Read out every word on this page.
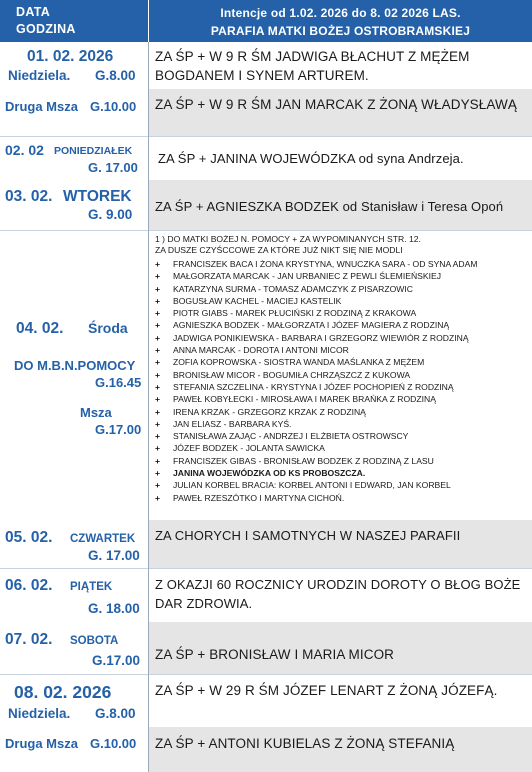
DATA
GODZINA
Intencje od 1.02. 2026 do 8. 02 2026 LAS.
PARAFIA MATKI BOŻEJ OSTROBRAMSKIEJ
01. 02. 2026
Niedziela. G.8.00
ZA ŚP + W 9 R ŚM JADWIGA BŁACHUT Z MĘŻEM BOGDANEM I SYNEM ARTUREM.
Druga Msza G.10.00 ZA ŚP + W 9 R ŚM JAN MARCAK Z ŻONĄ WŁADYSŁAWĄ
02. 02 PONIEDZIAŁEK
G. 17.00
ZA ŚP + JANINA WOJEWÓDZKA od syna Andrzeja.
03. 02. WTOREK
G. 9.00
ZA ŚP + AGNIESZKA BODZEK od Stanisław i Teresa Opoń
04. 02. Środa
DO M.B.N.POMOCY
G.16.45
Msza
G.17.00
1 ) DO MATKI BOŻEJ N. POMOCY + ZA WYPOMINANYCH STR. 12.
ZA DUSZE CZYŚCCOWE ZA KTÓRE JUŻ NIKT SIĘ NIE MODLI
+ FRANCISZEK BACA I ŻONA KRYSTYNA, WNUCZKA SARA - OD SYNA ADAM
+ MAŁGORZATA MARCAK - JAN URBANIEC Z PEWLI ŚLEMIEŃSKIEJ
+ KATARZYNA SURMA - TOMASZ ADAMCZYK Z PISARZOWIC
+ BOGUSŁAW KACHEL - MACIEJ KASTELIK
+ PIOTR GIABS - MAREK PŁUCIŃSKI Z RODZINĄ Z KRAKOWA
+ AGNIESZKA BODZEK - MAŁGORZATA I JÓZEF MAGIERA Z RODZINĄ
+ JADWIGA PONIKIEWSKA - BARBARA I GRZEGORZ WIEWIÓR Z RODZINĄ
+ ANNA MARCAK - DOROTA I ANTONI MICOR
+ ZOFIA KOPROWSKA - SIOSTRA WANDA MAŚLANKA Z MĘŻEM
+ BRONISŁAW MICOR - BOGUMIŁA CHRZĄSZCZ Z KUKOWA
+ STEFANIA SZCZELINA - KRYSTYNA I JÓZEF POCHOPIEŃ Z RODZINĄ
+ PAWEŁ KOBYŁECKI - MIROSŁAWA I MAREK BRAŃKA Z RODZINĄ
+ IRENA KRZAK - GRZEGORZ KRZAK Z RODZINĄ
+ JAN ELIASZ - BARBARA KYŚ.
+ STANISŁAWA ZAJĄC - ANDRZEJ I ELŻBIETA OSTROWSCY
+ JÓZEF BODZEK - JOLANTA SAWICKA
+ FRANCISZEK GIBAS - BRONISŁAW BODZEK Z RODZINĄ Z LASU
+ JANINA WOJEWÓDZKA OD KS PROBOSZCZA.
+ JULIAN KORBEL BRACIA: KORBEL ANTONI I EDWARD, JAN KORBEL
+ PAWEŁ RZESZÓTKO I MARTYNA CICHOŃ.
05. 02. CZWARTEK
G. 17.00
ZA CHORYCH I SAMOTNYCH W NASZEJ PARAFII
06. 02. PIĄTEK
G. 18.00
Z OKAZJI 60 ROCZNICY URODZIN DOROTY O BŁOG BOŻE DAR ZDROWIA.
07. 02. SOBOTA
G.17.00 ZA ŚP + BRONISŁAW I MARIA MICOR
08. 02. 2026
Niedziela. G.8.00
ZA ŚP + W 29 R ŚM JÓZEF LENART Z ŻONĄ JÓZEFĄ.
Druga Msza G.10.00 ZA ŚP + ANTONI KUBIELAS Z ŻONĄ STEFANIĄ
